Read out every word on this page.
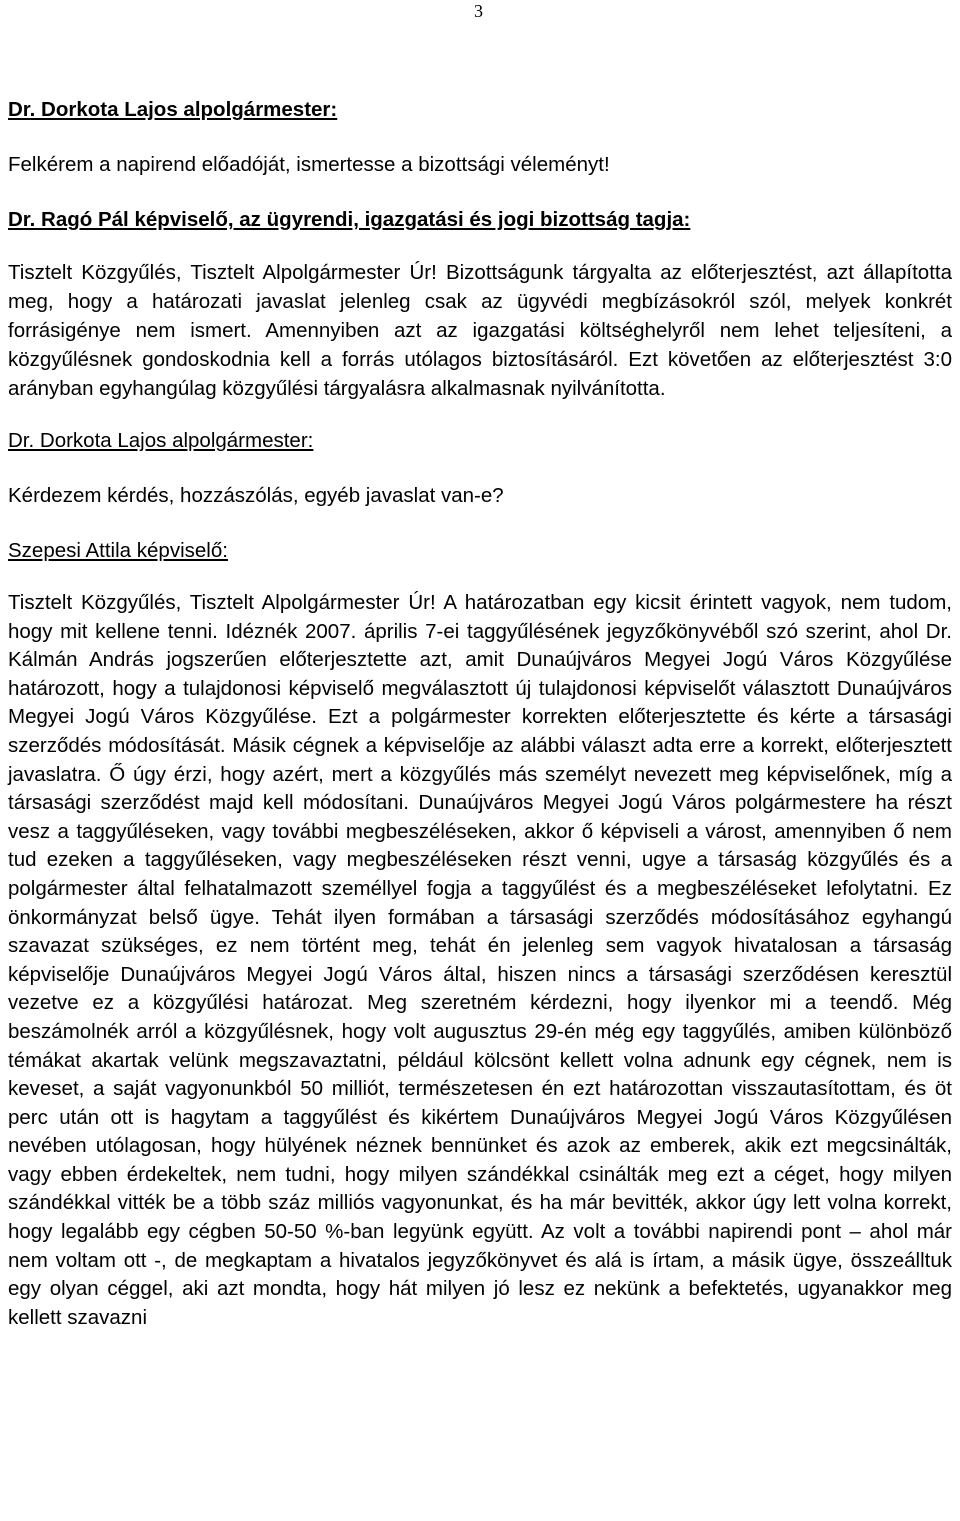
3
Dr. Dorkota Lajos alpolgármester:
Felkérem a napirend előadóját, ismertesse a bizottsági véleményt!
Dr. Ragó Pál képviselő, az ügyrendi, igazgatási és jogi bizottság tagja:
Tisztelt Közgyűlés, Tisztelt Alpolgármester Úr! Bizottságunk tárgyalta az előterjesztést, azt állapította meg, hogy a határozati javaslat jelenleg csak az ügyvédi megbízásokról szól, melyek konkrét forrásigénye nem ismert. Amennyiben azt az igazgatási költséghelyről nem lehet teljesíteni, a közgyűlésnek gondoskodnia kell a forrás utólagos biztosításáról. Ezt követően az előterjesztést 3:0 arányban egyhangúlag közgyűlési tárgyalásra alkalmasnak nyilvánította.
Dr. Dorkota Lajos alpolgármester:
Kérdezem kérdés, hozzászólás, egyéb javaslat van-e?
Szepesi Attila képviselő:
Tisztelt Közgyűlés, Tisztelt Alpolgármester Úr! A határozatban egy kicsit érintett vagyok, nem tudom, hogy mit kellene tenni. Idéznék 2007. április 7-ei taggyűlésének jegyzőkönyvéből szó szerint, ahol Dr. Kálmán András jogszerűen előterjesztette azt, amit Dunaújváros Megyei Jogú Város Közgyűlése határozott, hogy a tulajdonosi képviselő megválasztott új tulajdonosi képviselőt választott Dunaújváros Megyei Jogú Város Közgyűlése. Ezt a polgármester korrekten előterjesztette és kérte a társasági szerződés módosítását. Másik cégnek a képviselője az alábbi választ adta erre a korrekt, előterjesztett javaslatra. Ő úgy érzi, hogy azért, mert a közgyűlés más személyt nevezett meg képviselőnek, míg a társasági szerződést majd kell módosítani. Dunaújváros Megyei Jogú Város polgármestere ha részt vesz a taggyűléseken, vagy további megbeszéléseken, akkor ő képviseli a várost, amennyiben ő nem tud ezeken a taggyűléseken, vagy megbeszéléseken részt venni, ugye a társaság közgyűlés és a polgármester által felhatalmazott személlyel fogja a taggyűlést és a megbeszéléseket lefolytatni. Ez önkormányzat belső ügye. Tehát ilyen formában a társasági szerződés módosításához egyhangú szavazat szükséges, ez nem történt meg, tehát én jelenleg sem vagyok hivatalosan a társaság képviselője Dunaújváros Megyei Jogú Város által, hiszen nincs a társasági szerződésen keresztül vezetve ez a közgyűlési határozat. Meg szeretném kérdezni, hogy ilyenkor mi a teendő. Még beszámolnék arról a közgyűlésnek, hogy volt augusztus 29-én még egy taggyűlés, amiben különböző témákat akartak velünk megszavaztatni, például kölcsönt kellett volna adnunk egy cégnek, nem is keveset, a saját vagyonunkból 50 milliót, természetesen én ezt határozottan visszautasítottam, és öt perc után ott is hagytam a taggyűlést és kikértem Dunaújváros Megyei Jogú Város Közgyűlésen nevében utólagosan, hogy hülyének néznek bennünket és azok az emberek, akik ezt megcsinálták, vagy ebben érdekeltek, nem tudni, hogy milyen szándékkal csinálták meg ezt a céget, hogy milyen szándékkal vitték be a több száz milliós vagyonunkat, és ha már bevitték, akkor úgy lett volna korrekt, hogy legalább egy cégben 50-50 %-ban legyünk együtt. Az volt a további napirendi pont – ahol már nem voltam ott -, de megkaptam a hivatalos jegyzőkönyvet és alá is írtam, a másik ügye, összeálltuk egy olyan céggel, aki azt mondta, hogy hát milyen jó lesz ez nekünk a befektetés, ugyanakkor meg kellett szavazni
